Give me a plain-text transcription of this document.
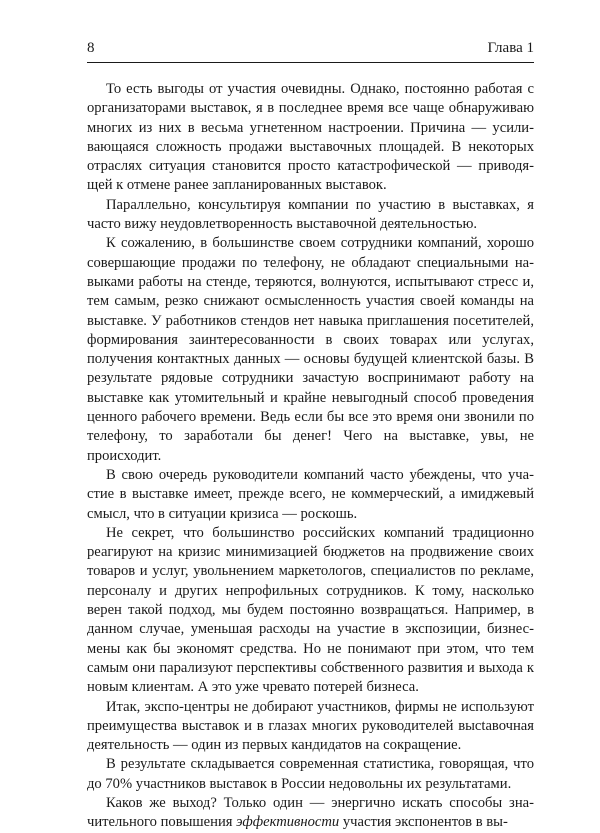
8	Глава 1

То есть выгоды от участия очевидны. Однако, постоянно работая с организаторами выставок, я в последнее время все чаще обнаруживаю многих из них в весьма угнетенном настроении. Причина — усиливающаяся сложность продажи выставочных площадей. В некоторых отраслях ситуация становится просто катастрофической — приводящей к отмене ранее запланированных выставок.

Параллельно, консультируя компании по участию в выставках, я часто вижу неудовлетворенность выставочной деятельностью.

К сожалению, в большинстве своем сотрудники компаний, хорошо совершающие продажи по телефону, не обладают специальными навыками работы на стенде, теряются, волнуются, испытывают стресс и, тем самым, резко снижают осмысленность участия своей команды на выставке. У работников стендов нет навыка приглашения посетителей, формирования заинтересованности в своих товарах или услугах, получения контактных данных — основы будущей клиентской базы. В результате рядовые сотрудники зачастую воспринимают работу на выставке как утомительный и крайне невыгодный способ проведения ценного рабочего времени. Ведь если бы все это время они звонили по телефону, то заработали бы денег! Чего на выставке, увы, не происходит.

В свою очередь руководители компаний часто убеждены, что участие в выставке имеет, прежде всего, не коммерческий, а имиджевый смысл, что в ситуации кризиса — роскошь.

Не секрет, что большинство российских компаний традиционно реагируют на кризис минимизацией бюджетов на продвижение своих товаров и услуг, увольнением маркетологов, специалистов по рекламе, персоналу и других непрофильных сотрудников. К тому, насколько верен такой подход, мы будем постоянно возвращаться. Например, в данном случае, уменьшая расходы на участие в экспозиции, бизнесмены как бы экономят средства. Но не понимают при этом, что тем самым они парализуют перспективы собственного развития и выхода к новым клиентам. А это уже чревато потерей бизнеса.

Итак, экспо-центры не добирают участников, фирмы не используют преимущества выставок и в глазах многих руководителей высtaвочная деятельность — один из первых кандидатов на сокращение.

В результате складывается современная статистика, говорящая, что до 70% участников выставок в России недовольны их результатами.

Каков же выход? Только один — энергично искать способы значительного повышения эффективности участия экспонентов в вы-
